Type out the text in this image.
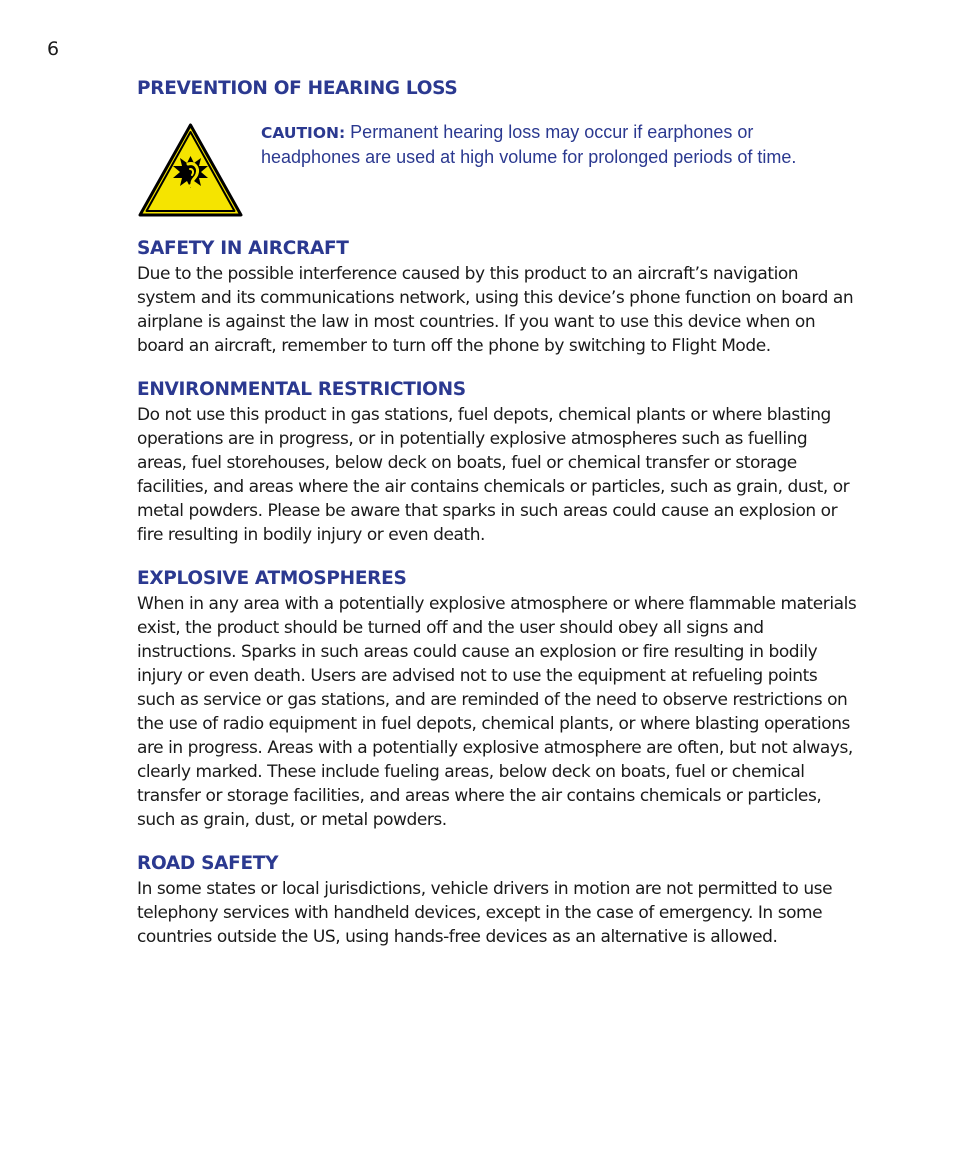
6
PREVENTION OF HEARING LOSS
CAUTION: Permanent hearing loss may occur if earphones or headphones are used at high volume for prolonged periods of time.
SAFETY IN AIRCRAFT

Due to the possible interference caused by this product to an aircraft’s navigation system and its communications network, using this device’s phone function on board an airplane is against the law in most countries. If you want to use this device when on board an aircraft, remember to turn off the phone by switching to Flight Mode.

ENVIRONMENTAL RESTRICTIONS

Do not use this product in gas stations, fuel depots, chemical plants or where blasting operations are in progress, or in potentially explosive atmospheres such as fuelling areas, fuel storehouses, below deck on boats, fuel or chemical transfer or storage facilities, and areas where the air contains chemicals or particles, such as grain, dust, or metal powders. Please be aware that sparks in such areas could cause an explosion or fire resulting in bodily injury or even death.

EXPLOSIVE ATMOSPHERES

When in any area with a potentially explosive atmosphere or where flammable materials exist, the product should be turned off and the user should obey all signs and instructions. Sparks in such areas could cause an explosion or fire resulting in bodily injury or even death. Users are advised not to use the equipment at refueling points such as service or gas stations, and are reminded of the need to observe restrictions on the use of radio equipment in fuel depots, chemical plants, or where blasting operations are in progress. Areas with a potentially explosive atmosphere are often, but not always, clearly marked. These include fueling areas, below deck on boats, fuel or chemical transfer or storage facilities, and areas where the air contains chemicals or particles, such as grain, dust, or metal powders.

ROAD SAFETY

In some states or local jurisdictions, vehicle drivers in motion are not permitted to use telephony services with handheld devices, except in the case of emergency. In some countries outside the US, using hands-free devices as an alternative is allowed.
